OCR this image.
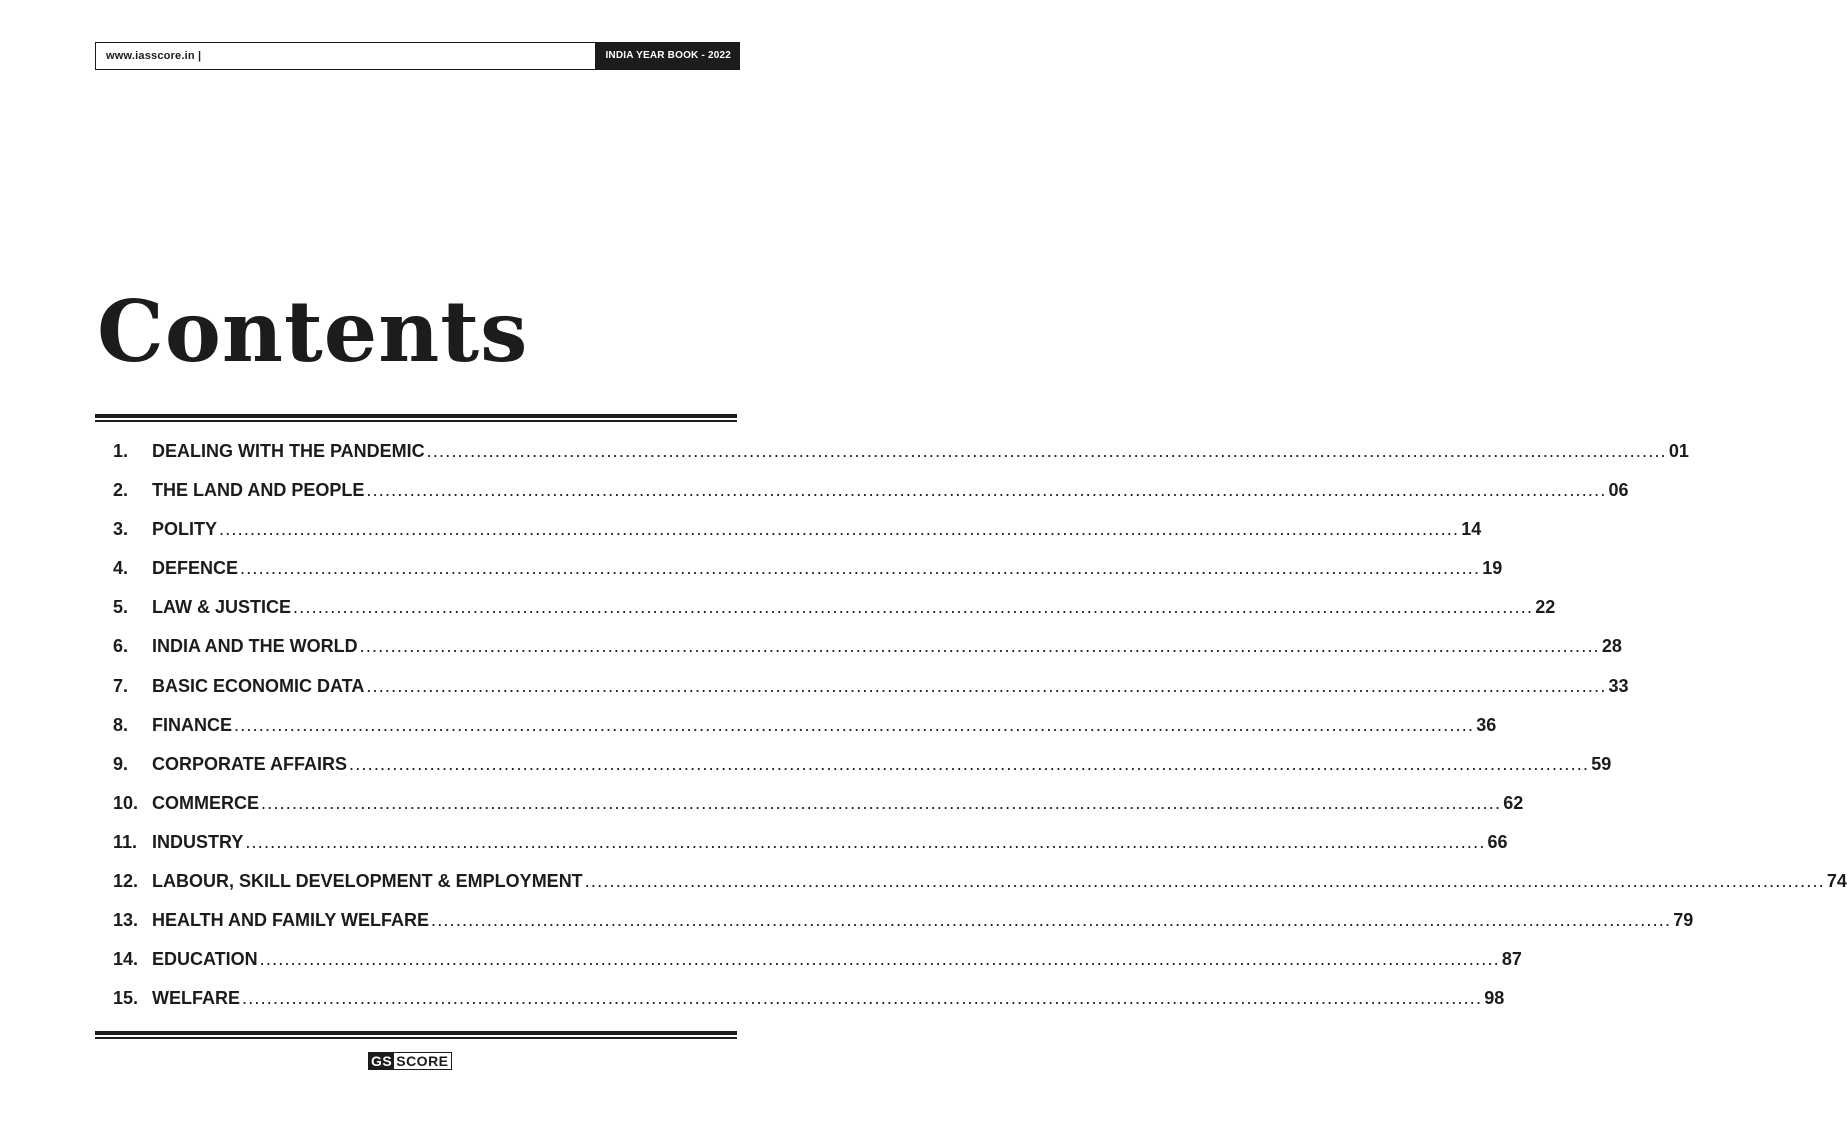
www.iasscore.in |	INDIA YEAR BOOK - 2022
Contents
1.	DEALING WITH THE PANDEMIC ........................................................................................................................................................................................................ 01
2.	THE LAND AND PEOPLE ........................................................................................................................................................................................................ 06
3.	POLITY ........................................................................................................................................................................................................ 14
4.	DEFENCE ........................................................................................................................................................................................................ 19
5.	LAW & JUSTICE ........................................................................................................................................................................................................ 22
6.	INDIA AND THE WORLD ........................................................................................................................................................................................................ 28
7.	BASIC ECONOMIC DATA ........................................................................................................................................................................................................ 33
8.	FINANCE ........................................................................................................................................................................................................ 36
9.	CORPORATE AFFAIRS ........................................................................................................................................................................................................ 59
10. COMMERCE ........................................................................................................................................................................................................ 62
11. INDUSTRY ........................................................................................................................................................................................................ 66
12. LABOUR, SKILL DEVELOPMENT & EMPLOYMENT ........................................................................................................................................................................................................ 74
13. HEALTH AND FAMILY WELFARE ........................................................................................................................................................................................................ 79
14. EDUCATION ........................................................................................................................................................................................................ 87
15. WELFARE ........................................................................................................................................................................................................ 98
GS SCORE
